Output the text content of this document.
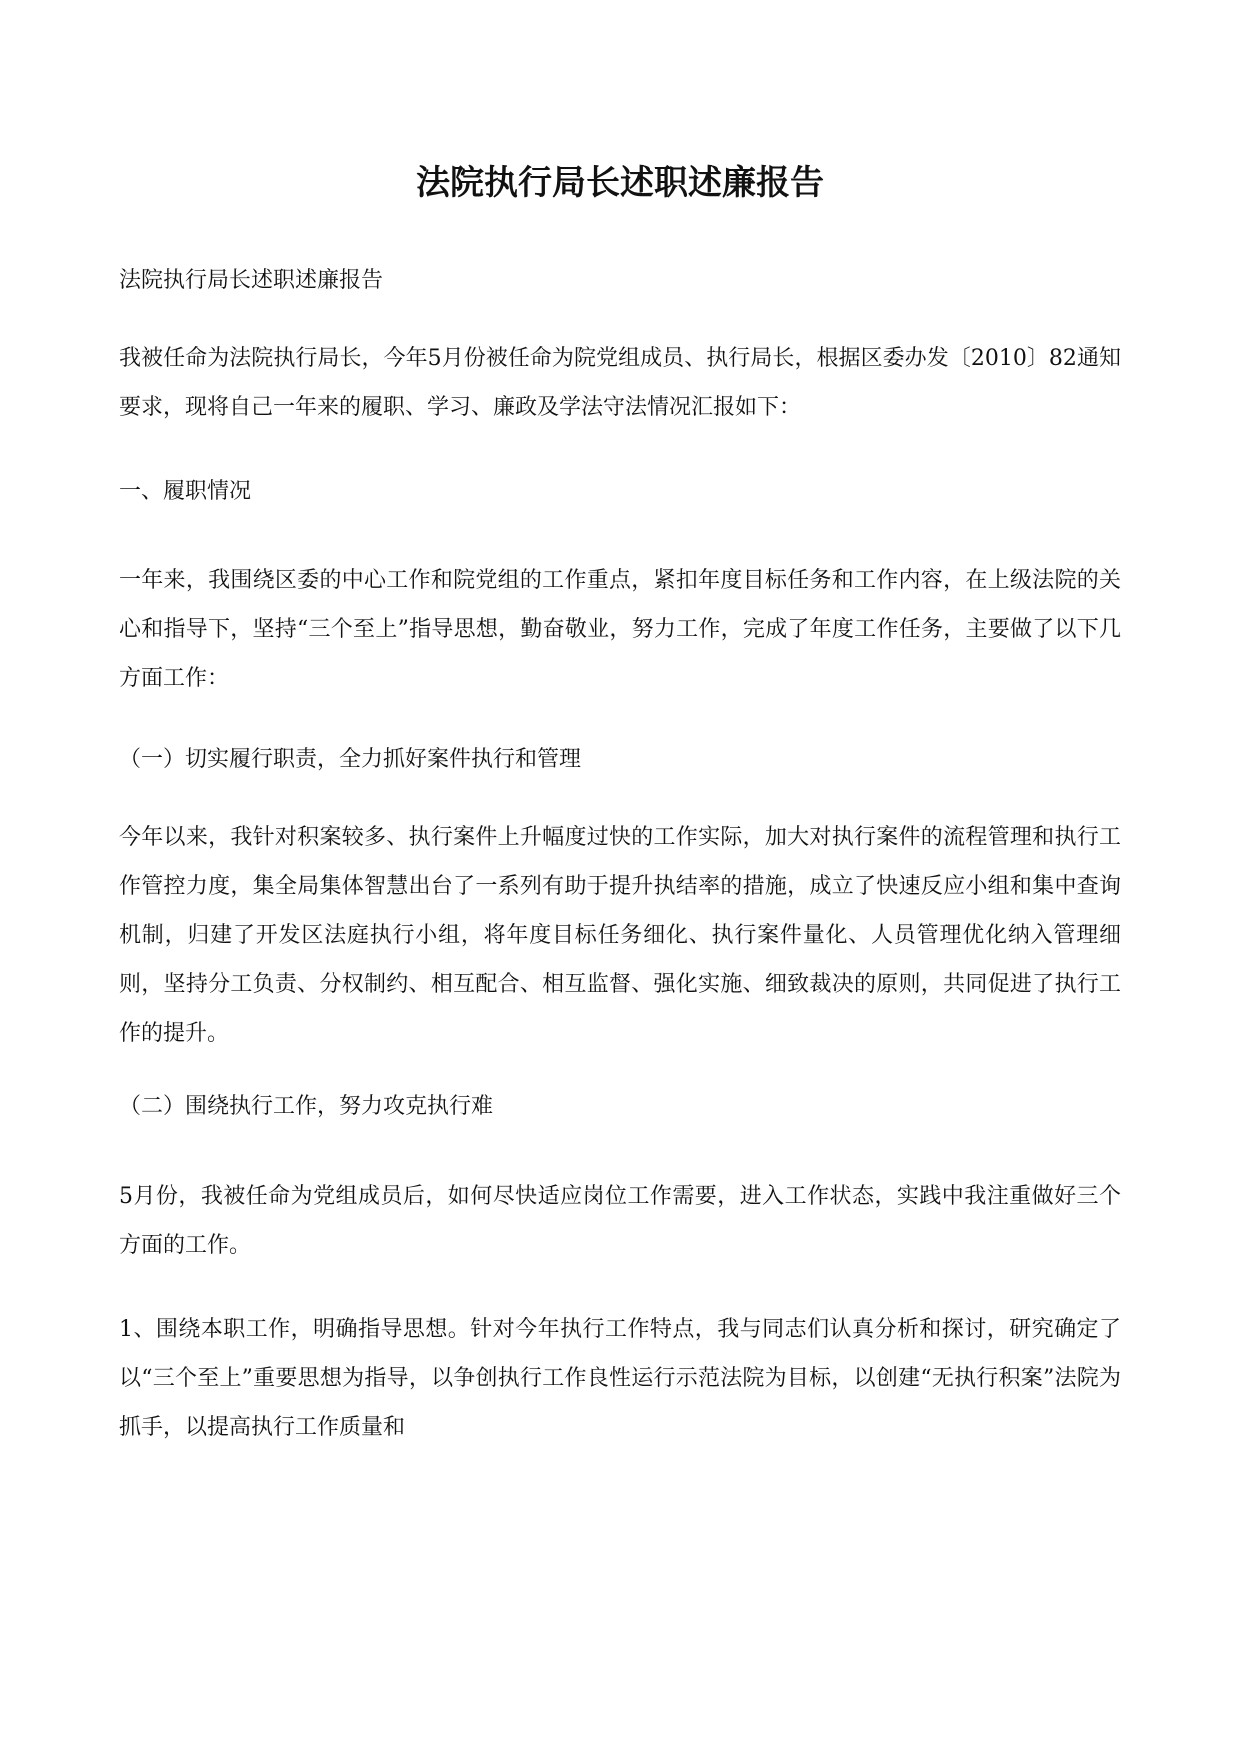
法院执行局长述职述廉报告

法院执行局长述职述廉报告

我被任命为法院执行局长，今年5月份被任命为院党组成员、执行局长，根据区委办发〔2010〕82通知要求，现将自己一年来的履职、学习、廉政及学法守法情况汇报如下：

一、履职情况

一年来，我围绕区委的中心工作和院党组的工作重点，紧扣年度目标任务和工作内容，在上级法院的关心和指导下，坚持“三个至上”指导思想，勤奋敬业，努力工作，完成了年度工作任务，主要做了以下几方面工作：

（一）切实履行职责，全力抓好案件执行和管理

今年以来，我针对积案较多、执行案件上升幅度过快的工作实际，加大对执行案件的流程管理和执行工作管控力度，集全局集体智慧出台了一系列有助于提升执结率的措施，成立了快速反应小组和集中查询机制，归建了开发区法庭执行小组，将年度目标任务细化、执行案件量化、人员管理优化纳入管理细则，坚持分工负责、分权制约、相互配合、相互监督、强化实施、细致裁决的原则，共同促进了执行工作的提升。

（二）围绕执行工作，努力攻克执行难

5月份，我被任命为党组成员后，如何尽快适应岗位工作需要，进入工作状态，实践中我注重做好三个方面的工作。

1、围绕本职工作，明确指导思想。针对今年执行工作特点，我与同志们认真分析和探讨，研究确定了以“三个至上”重要思想为指导，以争创执行工作良性运行示范法院为目标，以创建“无执行积案”法院为抓手，以提高执行工作质量和
